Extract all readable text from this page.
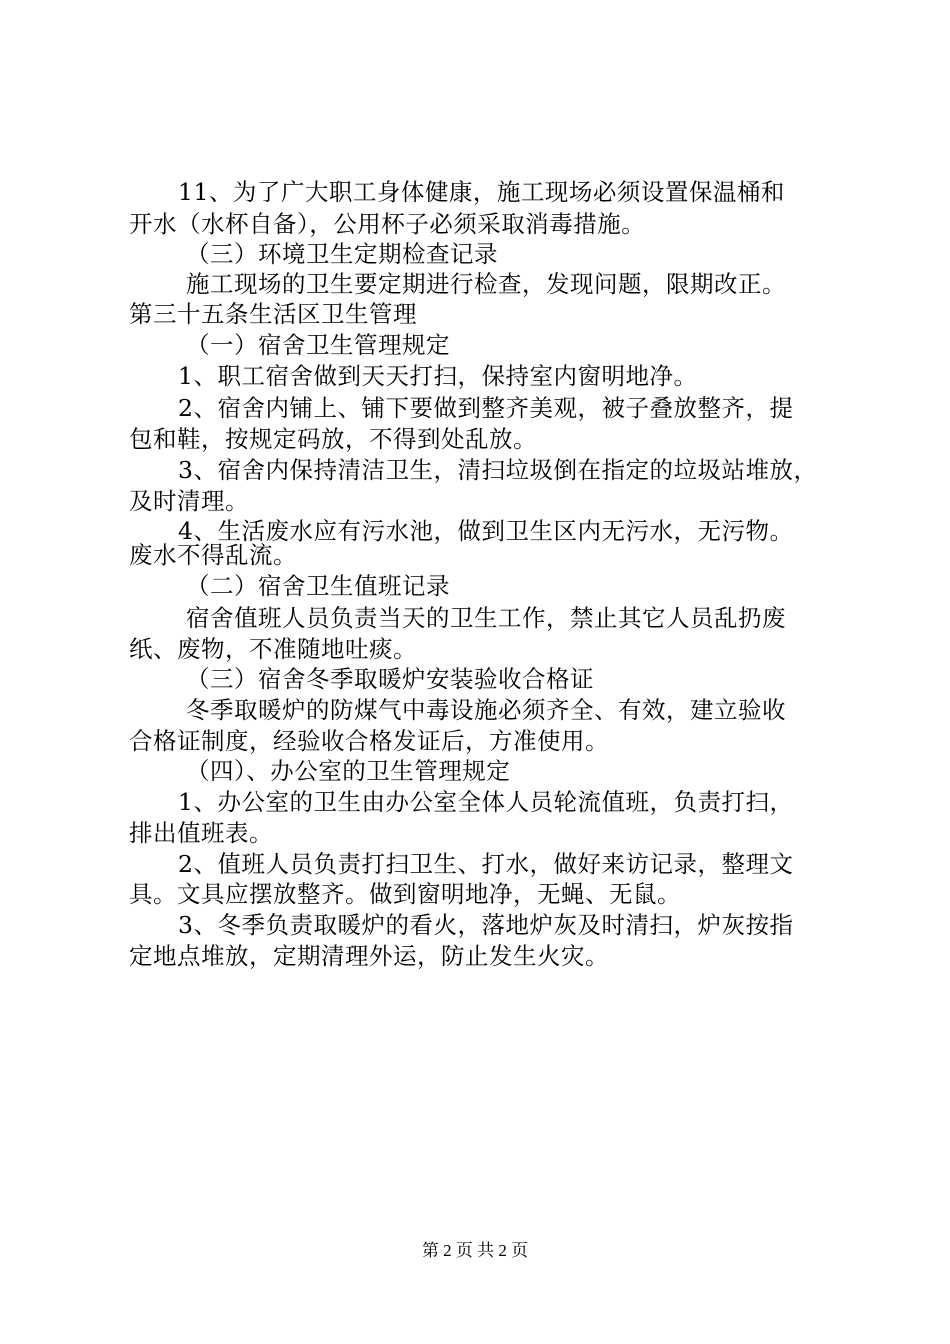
11、为了广大职工身体健康，施工现场必须设置保温桶和
开水（水杯自备），公用杯子必须采取消毒措施。
（三）环境卫生定期检查记录
施工现场的卫生要定期进行检查，发现问题，限期改正。
第三十五条生活区卫生管理
（一）宿舍卫生管理规定
1、职工宿舍做到天天打扫，保持室内窗明地净。
2、宿舍内铺上、铺下要做到整齐美观，被子叠放整齐，提
包和鞋，按规定码放，不得到处乱放。
3、宿舍内保持清洁卫生，清扫垃圾倒在指定的垃圾站堆放，
及时清理。
4、生活废水应有污水池，做到卫生区内无污水，无污物。
废水不得乱流。
（二）宿舍卫生值班记录
宿舍值班人员负责当天的卫生工作，禁止其它人员乱扔废
纸、废物，不准随地吐痰。
（三）宿舍冬季取暖炉安装验收合格证
冬季取暖炉的防煤气中毒设施必须齐全、有效，建立验收
合格证制度，经验收合格发证后，方准使用。
（四）、办公室的卫生管理规定
1、办公室的卫生由办公室全体人员轮流值班，负责打扫，
排出值班表。
2、值班人员负责打扫卫生、打水，做好来访记录，整理文
具。文具应摆放整齐。做到窗明地净，无蝇、无鼠。
3、冬季负责取暖炉的看火，落地炉灰及时清扫，炉灰按指
定地点堆放，定期清理外运，防止发生火灾。
第 2 页 共 2 页
